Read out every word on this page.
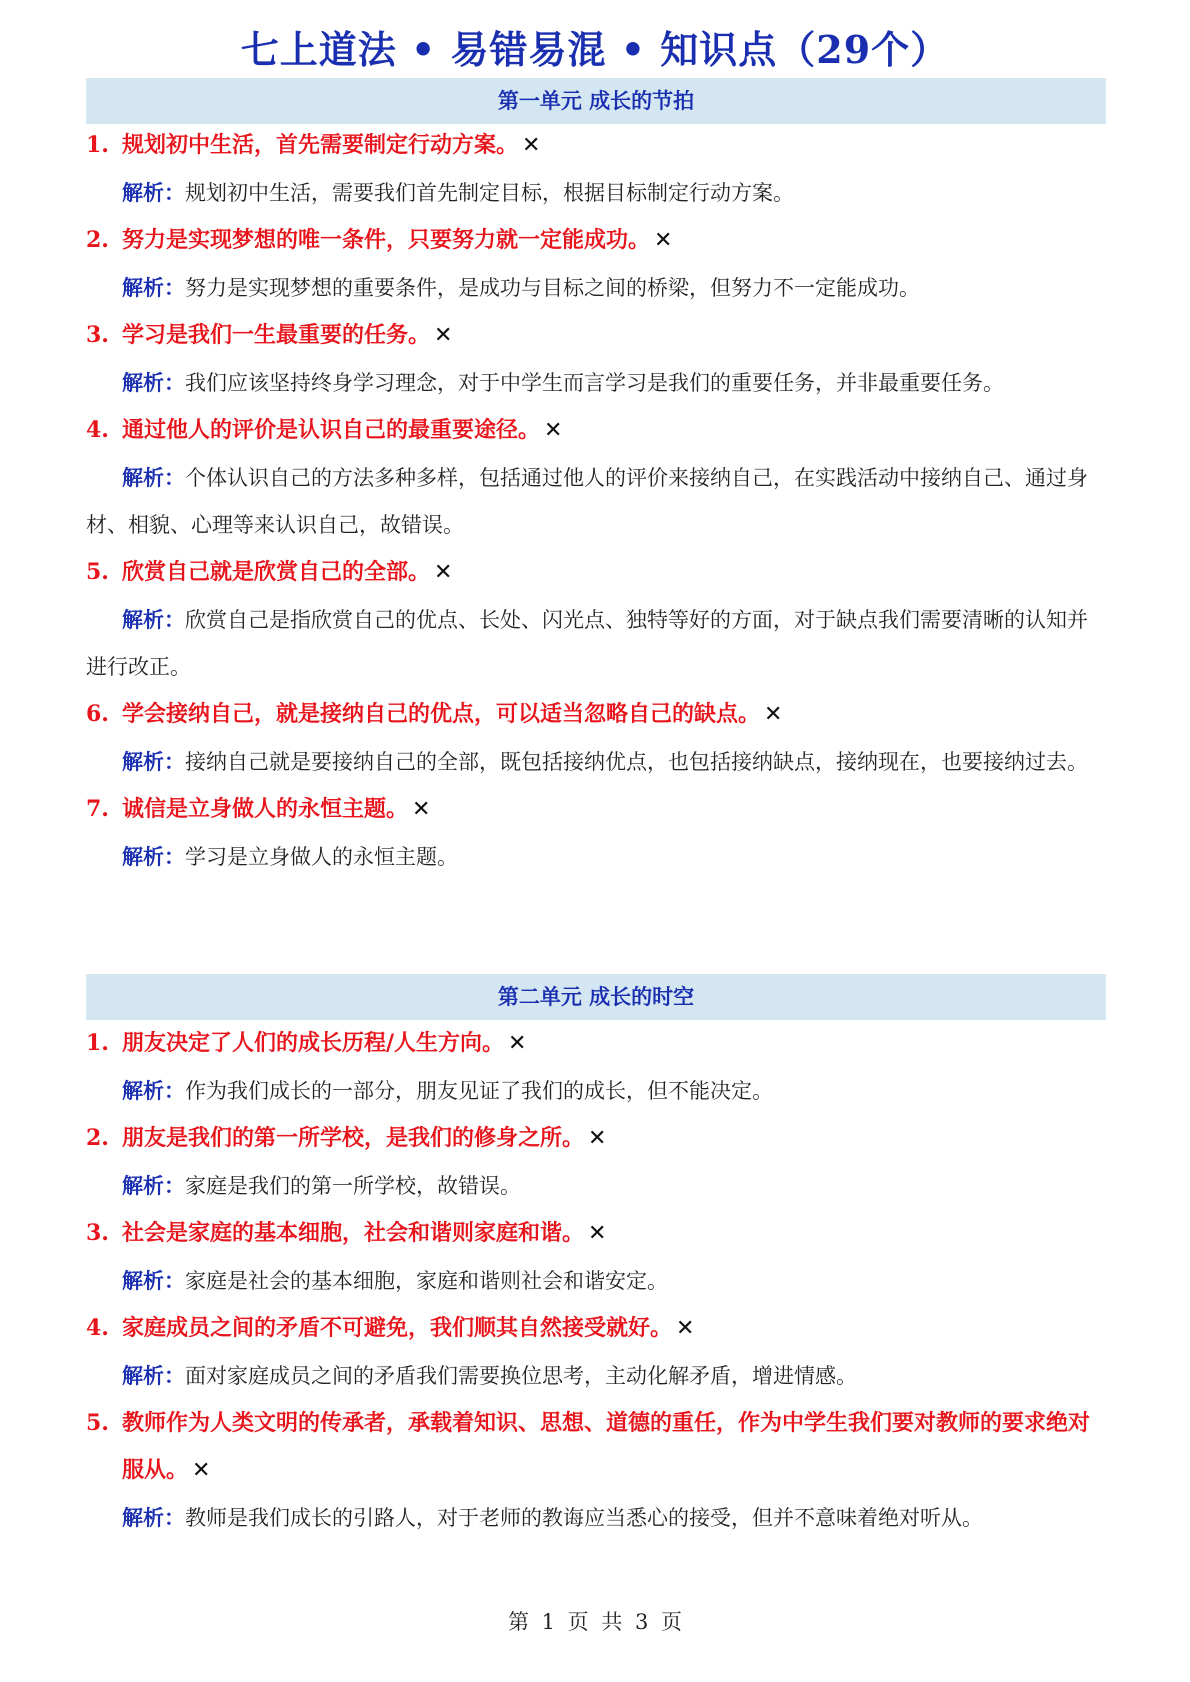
七上道法 • 易错易混 • 知识点（29个）
第一单元 成长的节拍
1. 规划初中生活，首先需要制定行动方案。 ✕
解析：规划初中生活，需要我们首先制定目标，根据目标制定行动方案。
2. 努力是实现梦想的唯一条件，只要努力就一定能成功。 ✕
解析：努力是实现梦想的重要条件，是成功与目标之间的桥梁，但努力不一定能成功。
3. 学习是我们一生最重要的任务。 ✕
解析：我们应该坚持终身学习理念，对于中学生而言学习是我们的重要任务，并非最重要任务。
4. 通过他人的评价是认识自己的最重要途径。 ✕
解析：个体认识自己的方法多种多样，包括通过他人的评价来接纳自己，在实践活动中接纳自己、通过身材、相貌、心理等来认识自己，故错误。
5. 欣赏自己就是欣赏自己的全部。 ✕
解析：欣赏自己是指欣赏自己的优点、长处、闪光点、独特等好的方面，对于缺点我们需要清晰的认知并进行改正。
6. 学会接纳自己，就是接纳自己的优点，可以适当忽略自己的缺点。 ✕
解析：接纳自己就是要接纳自己的全部，既包括接纳优点，也包括接纳缺点，接纳现在，也要接纳过去。
7. 诚信是立身做人的永恒主题。 ✕
解析：学习是立身做人的永恒主题。
第二单元 成长的时空
1. 朋友决定了人们的成长历程/人生方向。 ✕
解析：作为我们成长的一部分，朋友见证了我们的成长，但不能决定。
2. 朋友是我们的第一所学校，是我们的修身之所。 ✕
解析：家庭是我们的第一所学校，故错误。
3. 社会是家庭的基本细胞，社会和谐则家庭和谐。 ✕
解析：家庭是社会的基本细胞，家庭和谐则社会和谐安定。
4. 家庭成员之间的矛盾不可避免，我们顺其自然接受就好。 ✕
解析：面对家庭成员之间的矛盾我们需要换位思考，主动化解矛盾，增进情感。
5. 教师作为人类文明的传承者，承载着知识、思想、道德的重任，作为中学生我们要对教师的要求绝对服从。 ✕
解析：教师是我们成长的引路人，对于老师的教诲应当悉心的接受，但并不意味着绝对听从。
第 1 页 共 3 页
